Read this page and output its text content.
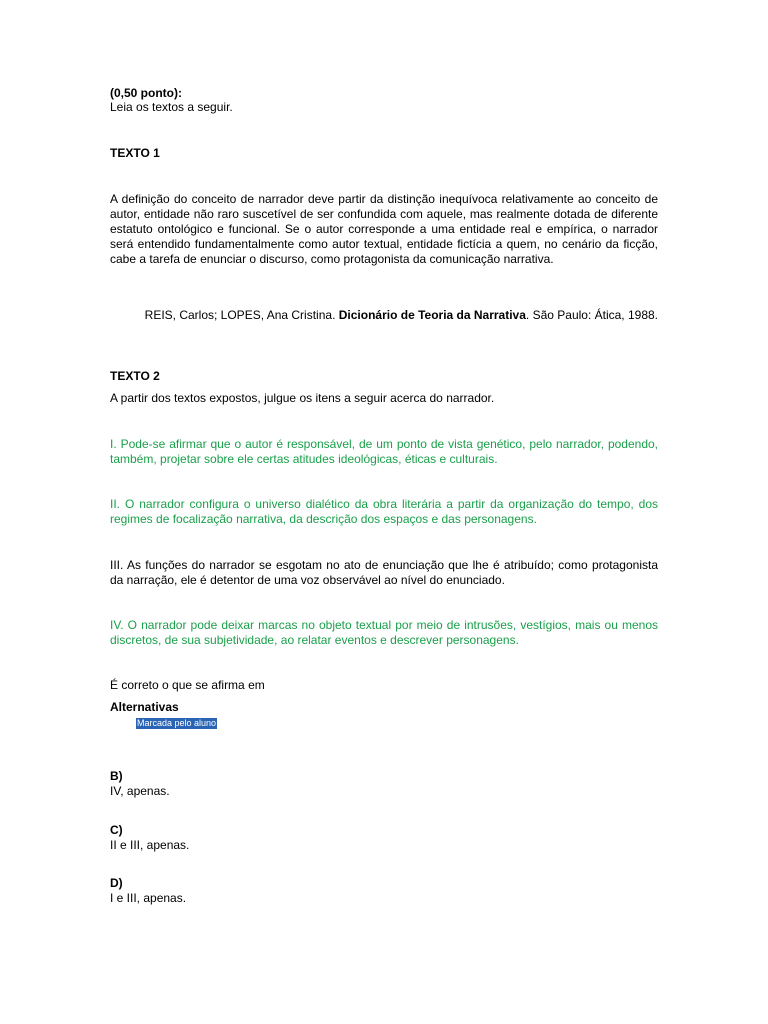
(0,50 ponto):

Leia os textos a seguir.

TEXTO 1

A definição do conceito de narrador deve partir da distinção inequívoca relativamente ao conceito de autor, entidade não raro suscetível de ser confundida com aquele, mas realmente dotada de diferente estatuto ontológico e funcional. Se o autor corresponde a uma entidade real e empírica, o narrador será entendido fundamentalmente como autor textual, entidade fictícia a quem, no cenário da ficção, cabe a tarefa de enunciar o discurso, como protagonista da comunicação narrativa.

REIS, Carlos; LOPES, Ana Cristina. Dicionário de Teoria da Narrativa. São Paulo: Ática, 1988.

TEXTO 2

A partir dos textos expostos, julgue os itens a seguir acerca do narrador.

I. Pode-se afirmar que o autor é responsável, de um ponto de vista genético, pelo narrador, podendo, também, projetar sobre ele certas atitudes ideológicas, éticas e culturais.

II. O narrador configura o universo dialético da obra literária a partir da organização do tempo, dos regimes de focalização narrativa, da descrição dos espaços e das personagens.

III. As funções do narrador se esgotam no ato de enunciação que lhe é atribuído; como protagonista da narração, ele é detentor de uma voz observável ao nível do enunciado.

IV. O narrador pode deixar marcas no objeto textual por meio de intrusões, vestígios, mais ou menos discretos, de sua subjetividade, ao relatar eventos e descrever personagens.

É correto o que se afirma em

Alternativas

Marcada pelo aluno

B)

IV, apenas.

C)

II e III, apenas.

D)

I e III, apenas.
